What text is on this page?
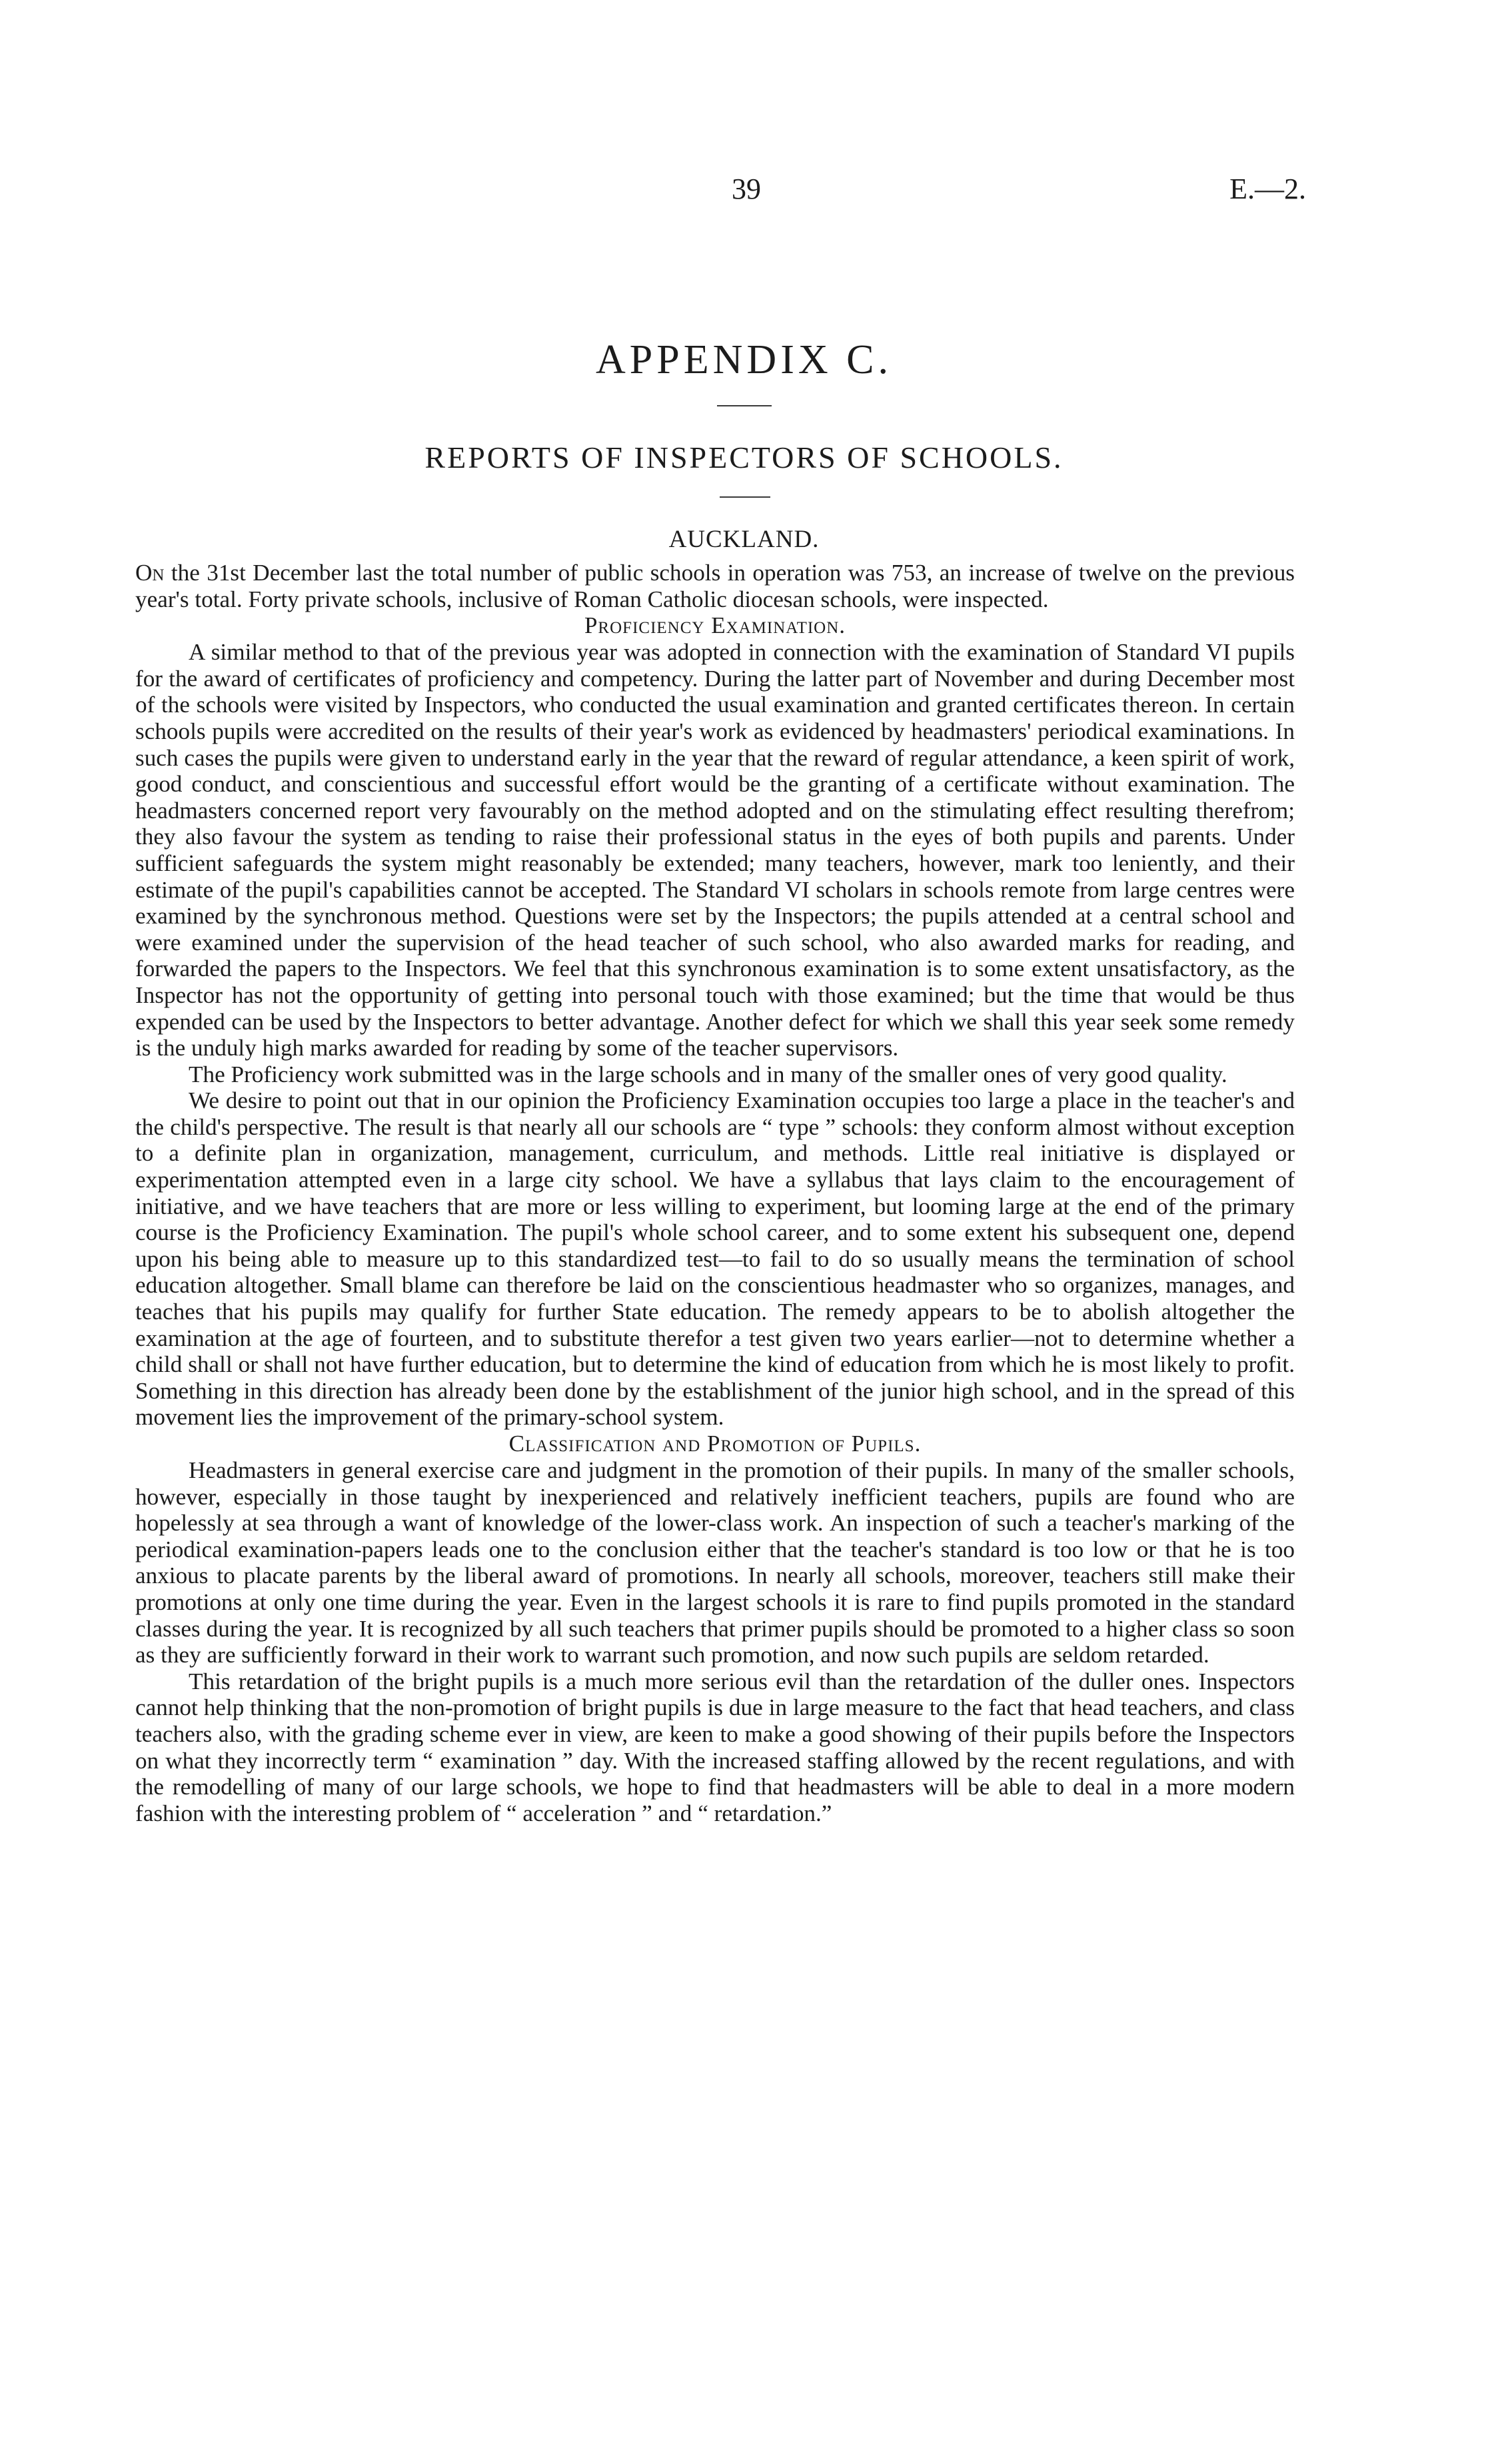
39	E.—2.
APPENDIX C.
REPORTS OF INSPECTORS OF SCHOOLS.
AUCKLAND.

On the 31st December last the total number of public schools in operation was 753, an increase of twelve on the previous year's total. Forty private schools, inclusive of Roman Catholic diocesan schools, were inspected.

Proficiency Examination.

A similar method to that of the previous year was adopted in connection with the examination of Standard VI pupils for the award of certificates of proficiency and competency. During the latter part of November and during December most of the schools were visited by Inspectors, who conducted the usual examination and granted certificates thereon. In certain schools pupils were accredited on the results of their year's work as evidenced by headmasters' periodical examinations. In such cases the pupils were given to understand early in the year that the reward of regular attendance, a keen spirit of work, good conduct, and conscientious and successful effort would be the granting of a certificate without examination. The headmasters concerned report very favourably on the method adopted and on the stimulating effect resulting therefrom; they also favour the system as tending to raise their professional status in the eyes of both pupils and parents. Under sufficient safeguards the system might reasonably be extended; many teachers, however, mark too leniently, and their estimate of the pupil's capabilities cannot be accepted. The Standard VI scholars in schools remote from large centres were examined by the synchronous method. Questions were set by the Inspectors; the pupils attended at a central school and were examined under the supervision of the head teacher of such school, who also awarded marks for reading, and forwarded the papers to the Inspectors. We feel that this synchronous examination is to some extent unsatisfactory, as the Inspector has not the opportunity of getting into personal touch with those examined; but the time that would be thus expended can be used by the Inspectors to better advantage. Another defect for which we shall this year seek some remedy is the unduly high marks awarded for reading by some of the teacher supervisors.

The Proficiency work submitted was in the large schools and in many of the smaller ones of very good quality.

We desire to point out that in our opinion the Proficiency Examination occupies too large a place in the teacher's and the child's perspective. The result is that nearly all our schools are “ type ” schools: they conform almost without exception to a definite plan in organization, management, curriculum, and methods. Little real initiative is displayed or experimentation attempted even in a large city school. We have a syllabus that lays claim to the encouragement of initiative, and we have teachers that are more or less willing to experiment, but looming large at the end of the primary course is the Proficiency Examination. The pupil's whole school career, and to some extent his subsequent one, depend upon his being able to measure up to this standardized test—to fail to do so usually means the termination of school education altogether. Small blame can therefore be laid on the conscientious headmaster who so organizes, manages, and teaches that his pupils may qualify for further State education. The remedy appears to be to abolish altogether the examination at the age of fourteen, and to substitute therefor a test given two years earlier—not to determine whether a child shall or shall not have further education, but to determine the kind of education from which he is most likely to profit. Something in this direction has already been done by the establishment of the junior high school, and in the spread of this movement lies the improvement of the primary-school system.

Classification and Promotion of Pupils.

Headmasters in general exercise care and judgment in the promotion of their pupils. In many of the smaller schools, however, especially in those taught by inexperienced and relatively inefficient teachers, pupils are found who are hopelessly at sea through a want of knowledge of the lower-class work. An inspection of such a teacher's marking of the periodical examination-papers leads one to the conclusion either that the teacher's standard is too low or that he is too anxious to placate parents by the liberal award of promotions. In nearly all schools, moreover, teachers still make their promotions at only one time during the year. Even in the largest schools it is rare to find pupils promoted in the standard classes during the year. It is recognized by all such teachers that primer pupils should be promoted to a higher class so soon as they are sufficiently forward in their work to warrant such promotion, and now such pupils are seldom retarded.

This retardation of the bright pupils is a much more serious evil than the retardation of the duller ones. Inspectors cannot help thinking that the non-promotion of bright pupils is due in large measure to the fact that head teachers, and class teachers also, with the grading scheme ever in view, are keen to make a good showing of their pupils before the Inspectors on what they incorrectly term “ examination ” day. With the increased staffing allowed by the recent regulations, and with the remodelling of many of our large schools, we hope to find that headmasters will be able to deal in a more modern fashion with the interesting problem of “ acceleration ” and “ retardation.”
